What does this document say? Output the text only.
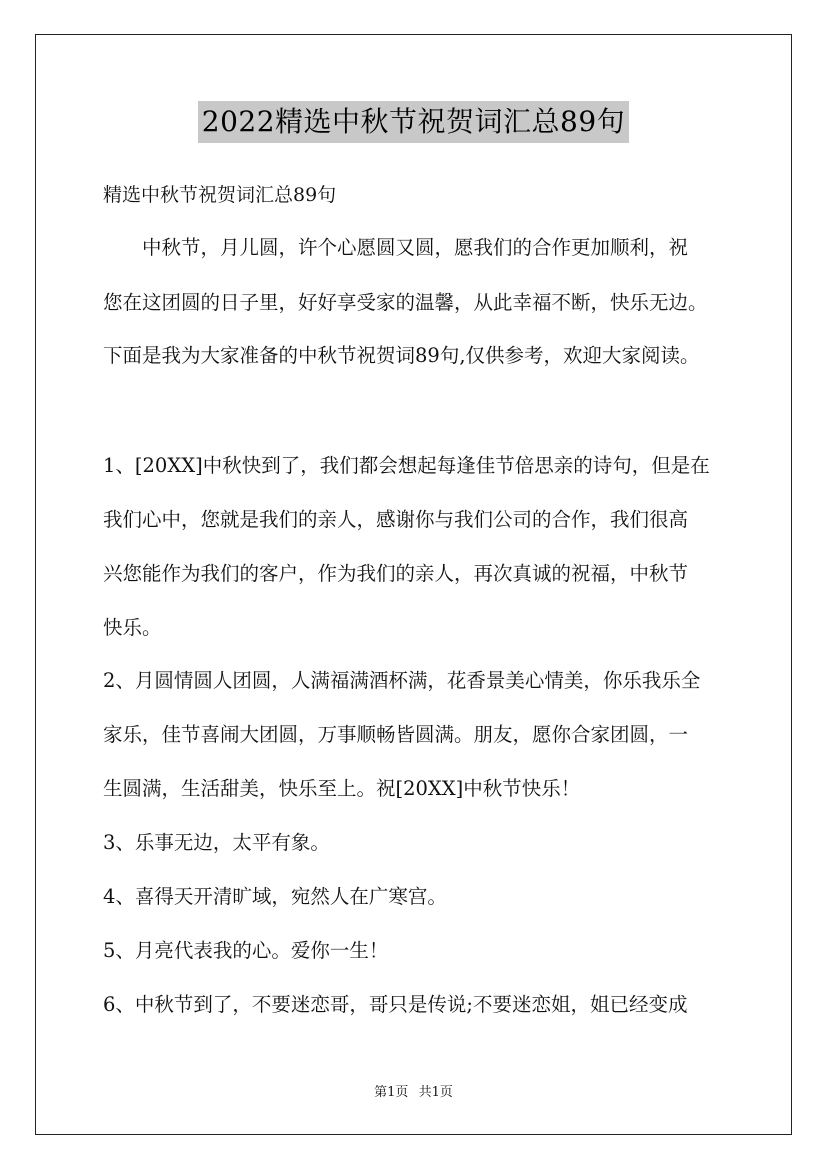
2022精选中秋节祝贺词汇总89句
精选中秋节祝贺词汇总89句
　　中秋节，月儿圆，许个心愿圆又圆，愿我们的合作更加顺利，祝
您在这团圆的日子里，好好享受家的温馨，从此幸福不断，快乐无边。
下面是我为大家准备的中秋节祝贺词89句,仅供参考，欢迎大家阅读。
1、[20XX]中秋快到了，我们都会想起每逢佳节倍思亲的诗句，但是在
我们心中，您就是我们的亲人，感谢你与我们公司的合作，我们很高
兴您能作为我们的客户，作为我们的亲人，再次真诚的祝福，中秋节
快乐。
2、月圆情圆人团圆，人满福满酒杯满，花香景美心情美，你乐我乐全
家乐，佳节喜闹大团圆，万事顺畅皆圆满。朋友，愿你合家团圆，一
生圆满，生活甜美，快乐至上。祝[20XX]中秋节快乐！
3、乐事无边，太平有象。
4、喜得天开清旷域，宛然人在广寒宫。
5、月亮代表我的心。爱你一生！
6、中秋节到了，不要迷恋哥，哥只是传说;不要迷恋姐，姐已经变成
第1页 共1页
